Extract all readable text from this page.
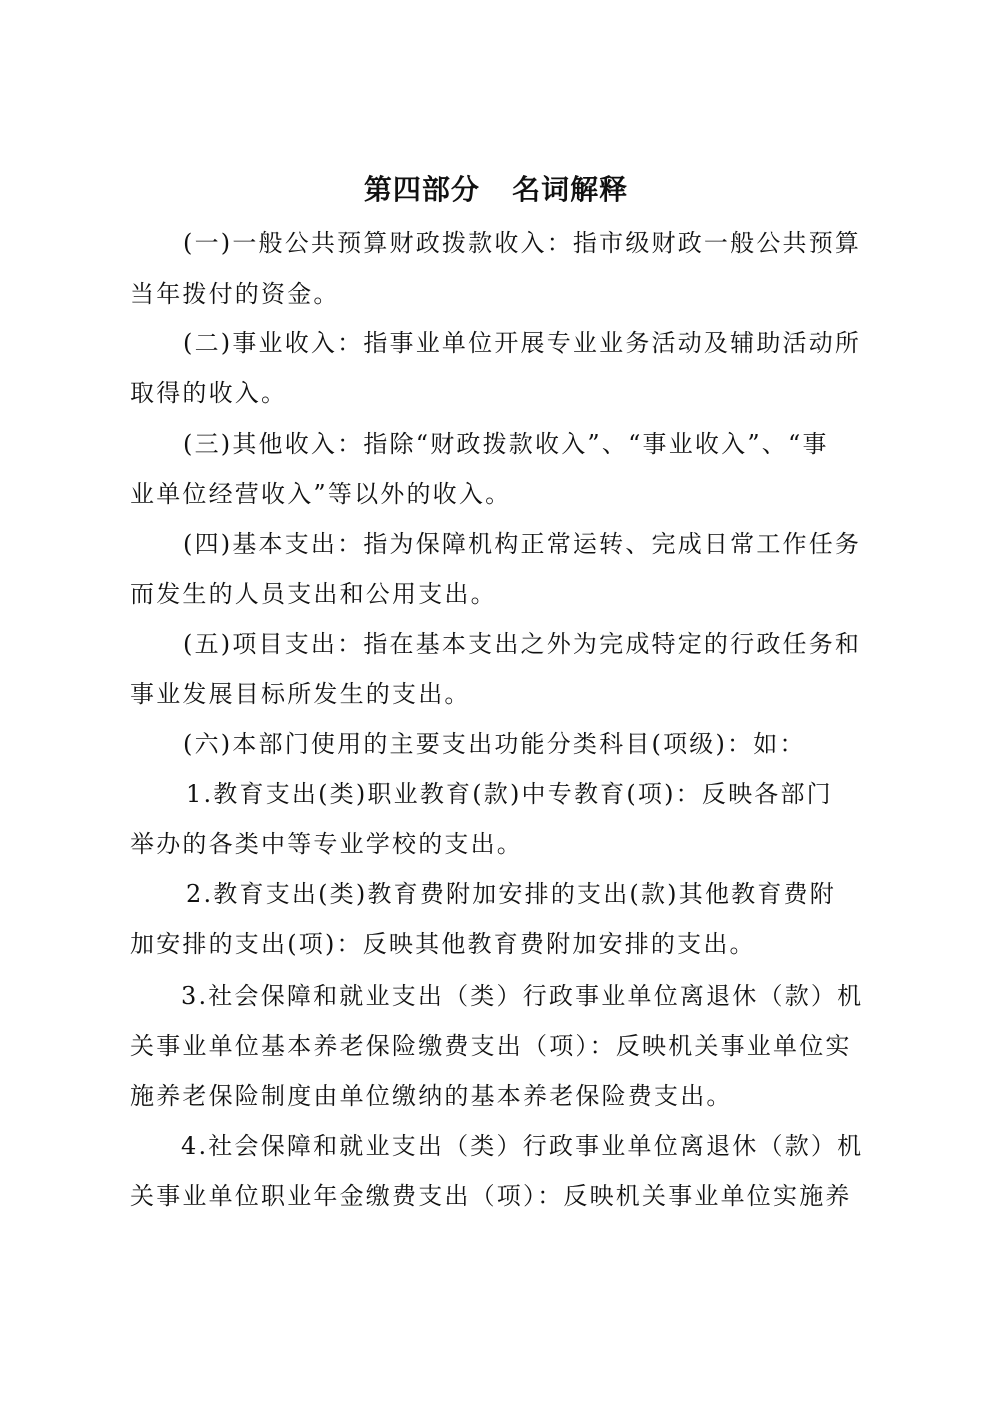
第四部分   名词解释
(一)一般公共预算财政拨款收入：指市级财政一般公共预算
当年拨付的资金。
(二)事业收入：指事业单位开展专业业务活动及辅助活动所
取得的收入。
(三)其他收入：指除“财政拨款收入”、“事业收入”、“事
业单位经营收入”等以外的收入。
(四)基本支出：指为保障机构正常运转、完成日常工作任务
而发生的人员支出和公用支出。
(五)项目支出：指在基本支出之外为完成特定的行政任务和
事业发展目标所发生的支出。
(六)本部门使用的主要支出功能分类科目(项级)：如：
1.教育支出(类)职业教育(款)中专教育(项)：反映各部门
举办的各类中等专业学校的支出。
2.教育支出(类)教育费附加安排的支出(款)其他教育费附
加安排的支出(项)：反映其他教育费附加安排的支出。
3.社会保障和就业支出（类）行政事业单位离退休（款）机
关事业单位基本养老保险缴费支出（项）：反映机关事业单位实
施养老保险制度由单位缴纳的基本养老保险费支出。
4.社会保障和就业支出（类）行政事业单位离退休（款）机
关事业单位职业年金缴费支出（项）：反映机关事业单位实施养
